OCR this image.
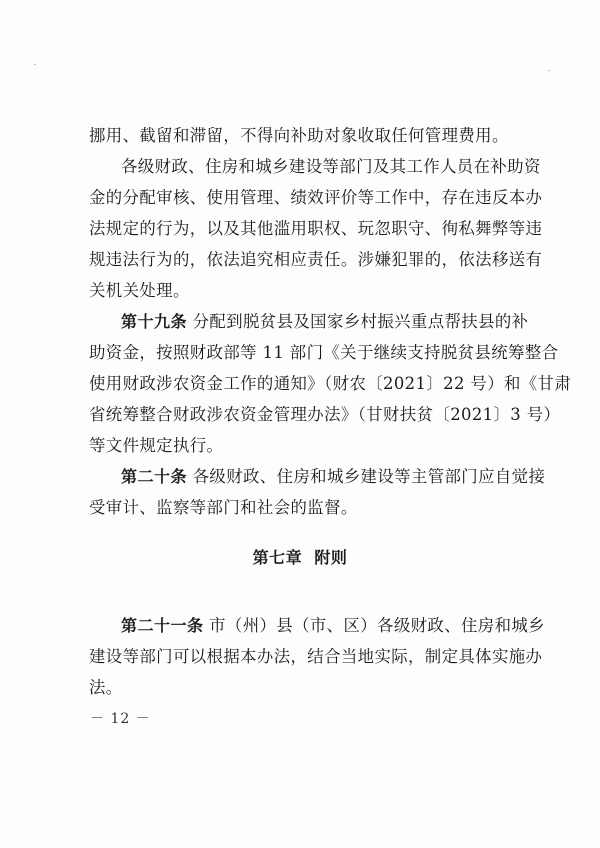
挪用、截留和滞留，不得向补助对象收取任何管理费用。
各级财政、住房和城乡建设等部门及其工作人员在补助资
金的分配审核、使用管理、绩效评价等工作中，存在违反本办
法规定的行为，以及其他滥用职权、玩忽职守、徇私舞弊等违
规违法行为的，依法追究相应责任。涉嫌犯罪的，依法移送有
关机关处理。
第十九条 分配到脱贫县及国家乡村振兴重点帮扶县的补
助资金，按照财政部等 11 部门《关于继续支持脱贫县统筹整合
使用财政涉农资金工作的通知》（财农〔2021〕22 号）和《甘肃
省统筹整合财政涉农资金管理办法》（甘财扶贫〔2021〕3 号）
等文件规定执行。
第二十条 各级财政、住房和城乡建设等主管部门应自觉接
受审计、监察等部门和社会的监督。
第七章  附则
第二十一条 市（州）县（市、区）各级财政、住房和城乡
建设等部门可以根据本办法，结合当地实际，制定具体实施办
法。
－ 12 －
